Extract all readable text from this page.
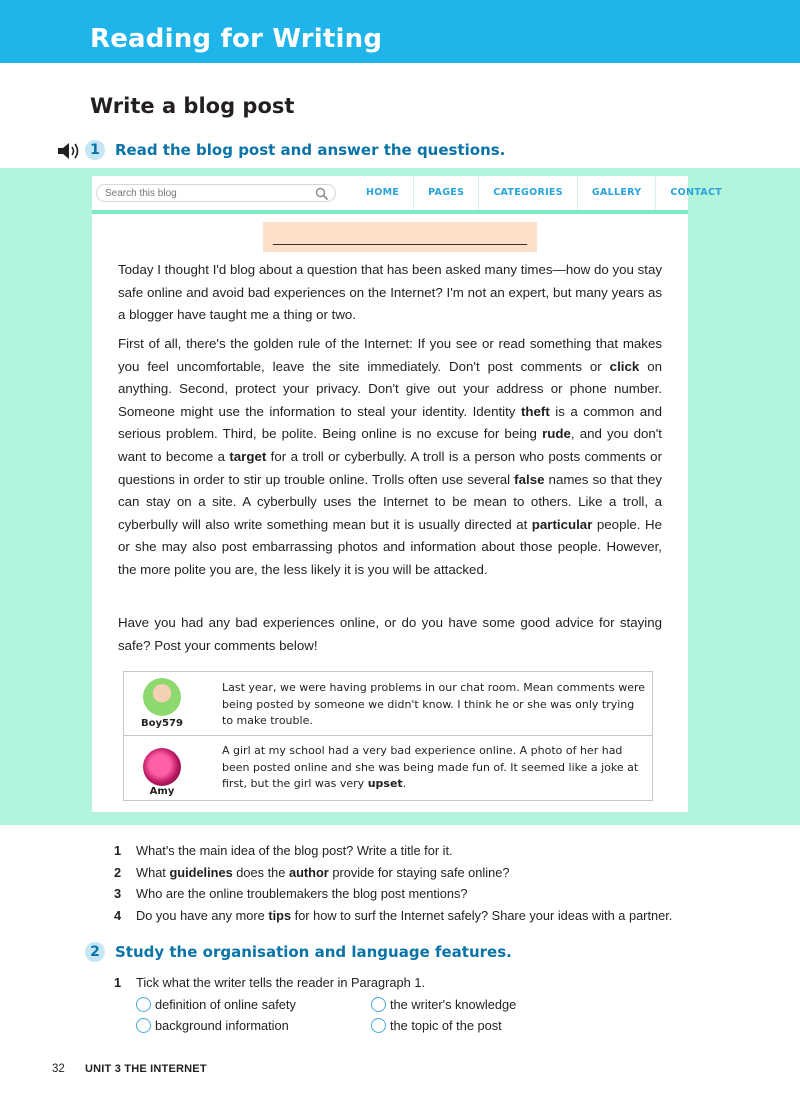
Reading for Writing
Write a blog post
1	Read the blog post and answer the questions.
Search this blog
HOME	PAGES	CATEGORIES	GALLERY	CONTACT

Today I thought I'd blog about a question that has been asked many times—how do you stay safe online and avoid bad experiences on the Internet? I'm not an expert, but many years as a blogger have taught me a thing or two.

First of all, there's the golden rule of the Internet: If you see or read something that makes you feel uncomfortable, leave the site immediately. Don't post comments or click on anything. Second, protect your privacy. Don't give out your address or phone number. Someone might use the information to steal your identity. Identity theft is a common and serious problem. Third, be polite. Being online is no excuse for being rude, and you don't want to become a target for a troll or cyberbully. A troll is a person who posts comments or questions in order to stir up trouble online. Trolls often use several false names so that they can stay on a site. A cyberbully uses the Internet to be mean to others. Like a troll, a cyberbully will also write something mean but it is usually directed at particular people. He or she may also post embarrassing photos and information about those people. However, the more polite you are, the less likely it is you will be attacked.

Have you had any bad experiences online, or do you have some good advice for staying safe? Post your comments below!

Boy579
Last year, we were having problems in our chat room. Mean comments were being posted by someone we didn't know. I think he or she was only trying to make trouble.
Amy
A girl at my school had a very bad experience online. A photo of her had been posted online and she was being made fun of. It seemed like a joke at first, but the girl was very upset.
1 What's the main idea of the blog post? Write a title for it.
2 What guidelines does the author provide for staying safe online?
3 Who are the online troublemakers the blog post mentions?
4 Do you have any more tips for how to surf the Internet safely? Share your ideas with a partner.
2	Study the organisation and language features.
1 Tick what the writer tells the reader in Paragraph 1.
definition of online safety	the writer's knowledge
background information	the topic of the post
32 UNIT 3 THE INTERNET
